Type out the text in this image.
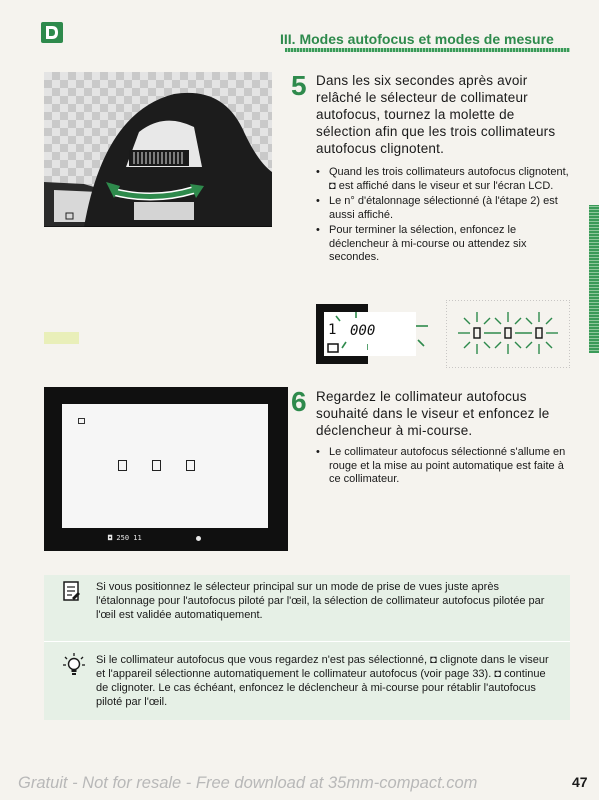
III. Modes autofocus et modes de mesure
5 Dans les six secondes après avoir relâché le sélecteur de collimateur autofocus, tournez la molette de sélection afin que les trois collimateurs autofocus clignotent.
• Quand les trois collimateurs autofocus clignotent, ◘ est affiché dans le viseur et sur l'écran LCD.
• Le n° d'étalonnage sélectionné (à l'étape 2) est aussi affiché.
• Pour terminer la sélection, enfoncez le déclencheur à mi-course ou attendez six secondes.
1 000

◘ 250 11
6 Regardez le collimateur autofocus souhaité dans le viseur et enfoncez le déclencheur à mi-course.
• Le collimateur autofocus sélectionné s'allume en rouge et la mise au point automatique est faite à ce collimateur.
Si vous positionnez le sélecteur principal sur un mode de prise de vues juste après l'étalonnage pour l'autofocus piloté par l'œil, la sélection de collimateur autofocus pilotée par l'œil est validée automatiquement.
Si le collimateur autofocus que vous regardez n'est pas sélectionné, ◘ clignote dans le viseur et l'appareil sélectionne automatiquement le collimateur autofocus (voir page 33). ◘ continue de clignoter. Le cas échéant, enfoncez le déclencheur à mi-course pour rétablir l'autofocus piloté par l'œil.
Gratuit - Not for resale - Free download at 35mm-compact.com	47
